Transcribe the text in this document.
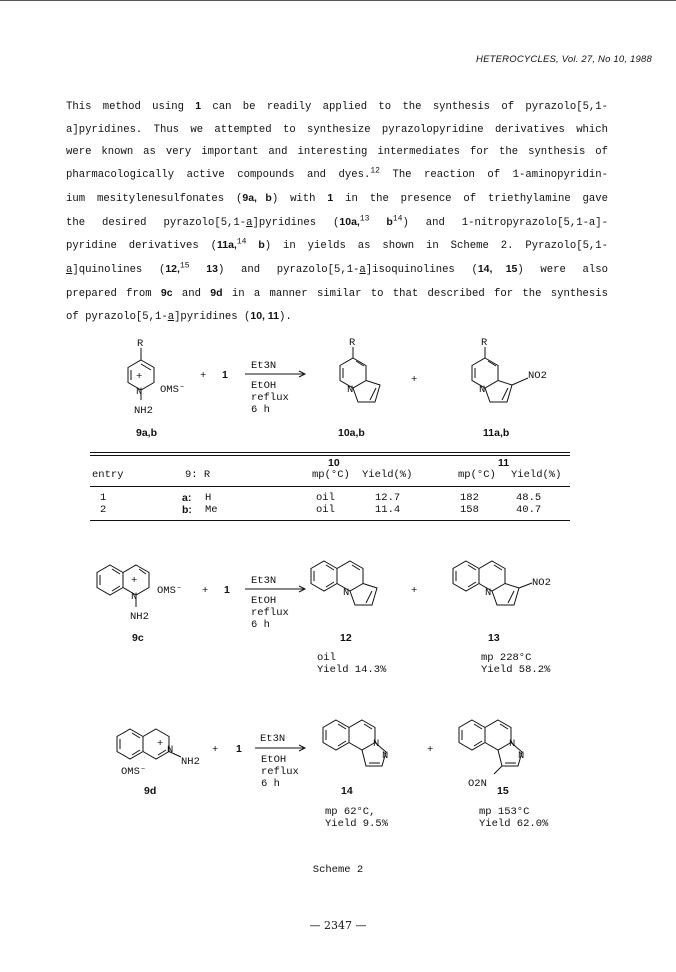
HETEROCYCLES, Vol. 27, No 10, 1988
This method using 1 can be readily applied to the synthesis of pyrazolo[5,1-
a]pyridines. Thus we attempted to synthesize pyrazolopyridine derivatives which
were known as very important and interesting intermediates for the synthesis of
pharmacologically active compounds and dyes.$^{12}$ The reaction of 1-aminopyridin-
ium mesitylenesulfonates (9a, b) with 1 in the presence of triethylamine gave
the desired pyrazolo[5,1-a]pyridines (10a,$^{13}$ $b^{14}$) and 1-nitropyrazolo[5,1-a]-
pyridine derivatives (11a,$^{14}$ b) in yields as shown in Scheme 2. Pyrazolo[5,1-
a]quinolines (12,15 13) and pyrazolo[5,1-a]isoquinolines (14, 15) were also
prepared from 9c and 9d in a manner similar to that described for the synthesis
of pyrazolo[5,1-a]pyridines (10, 11).
R
+
N OMS⁻
NH2
+ 1
Et3N
EtOH
reflux
6 h
R
N
+
R
N
NO2
9a,b	10a,b	11a,b
10	11
entry	9: R	mp(°C) Yield(%)	mp(°C) Yield(%)
1	a: H	oil	12.7	182	48.5
2	b: Me	oil	11.4	158	40.7
+
N OMS⁻
NH2
+ 1
Et3N
EtOH
reflux
6 h
N	+	N
NO2
9c	12	13
oil
Yield 14.3%
mp 228°C
Yield 58.2%
+ N
NH2
OMS⁻
+ 1
Et3N
EtOH
reflux
6 h
N
N	+	N
N
O2N
9d	14	15
mp 62°C,
Yield 9.5%
mp 153°C
Yield 62.0%
Scheme 2
— 2347 —
